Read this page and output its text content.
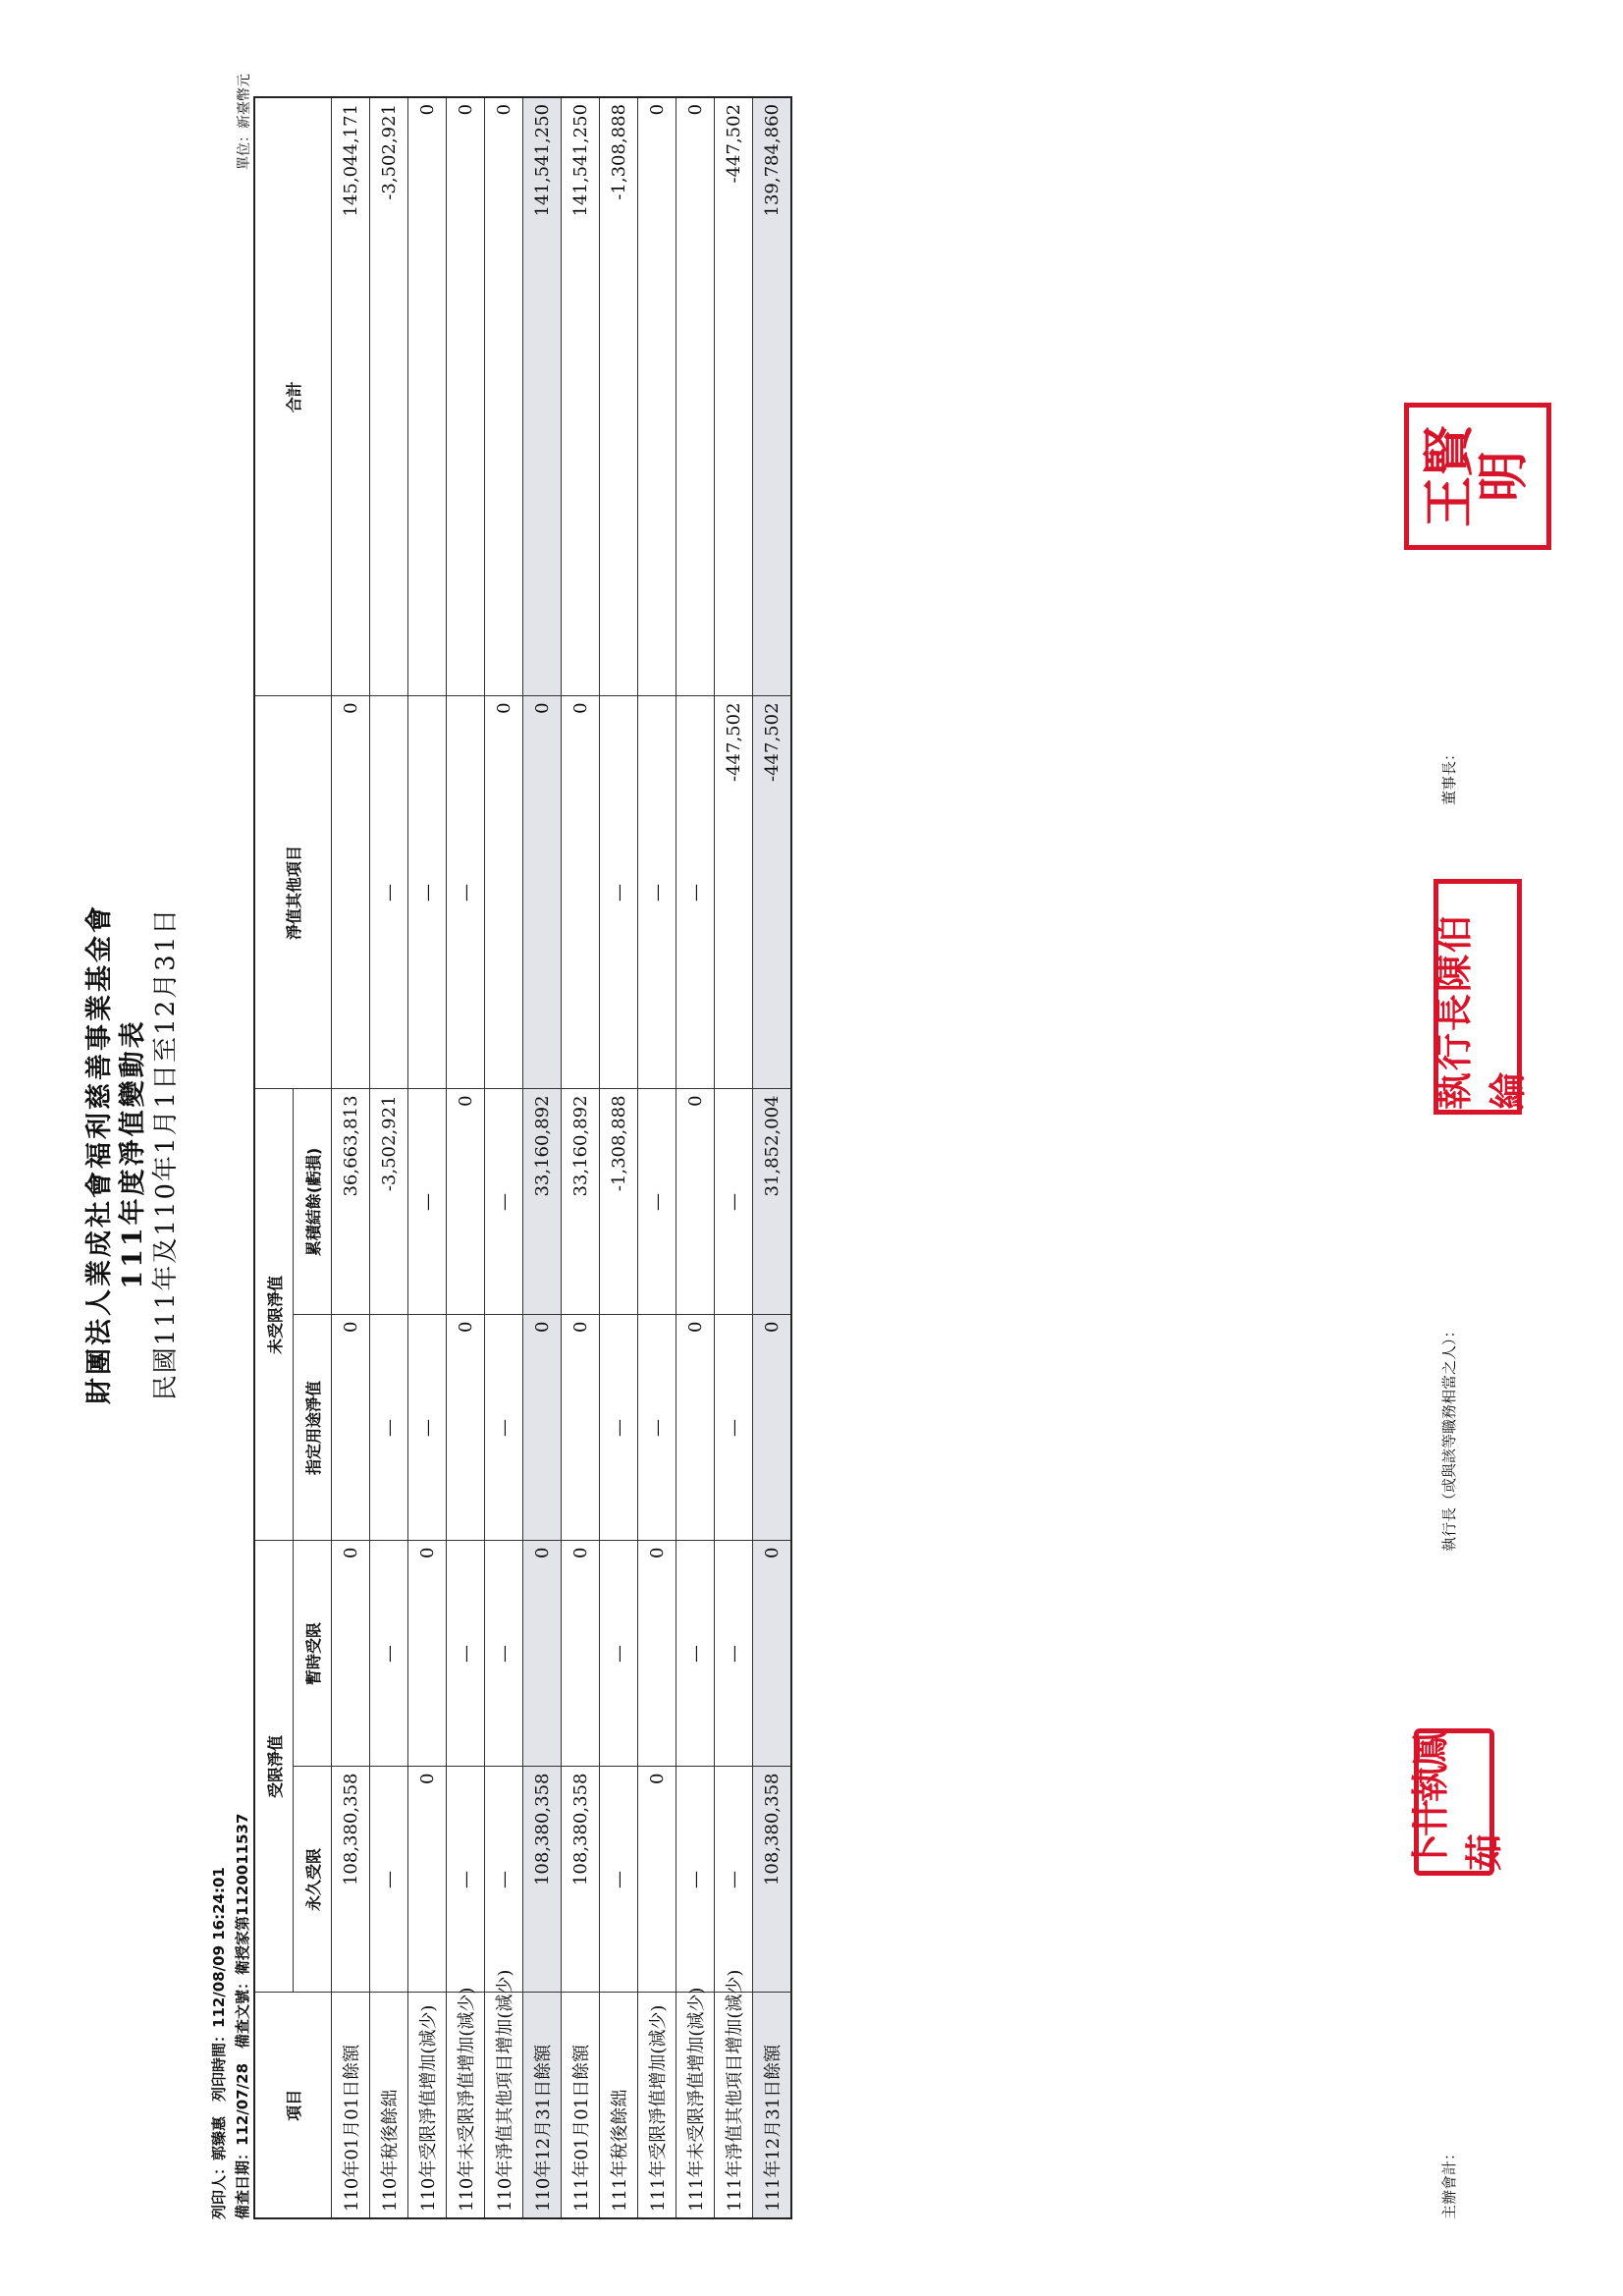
財團法人業成社會福利慈善事業基金會 111年度淨值變動表 民國111年及110年1月1日至12月31日
列印人：郭臻惠　列印時間：112/08/09 16:24:01 備查日期：112/07/28　備查文號：衛授家第1120011537
單位：新臺幣元
項目	受限淨值		未受限淨值		淨值其他項目	合計
	永久受限	暫時受限	指定用途淨值	累積結餘(虧損)		
110年01月01日餘額	108,380,358	0	0	36,663,813	0	145,044,171
110年稅後餘絀	—	—	—	-3,502,921	—	-3,502,921
110年受限淨值增加(減少)	0	0	—	—	—	0
110年未受限淨值增加(減少)	—	—	0	0	—	0
110年淨值其他項目增加(減少)	—	—	—	—	0	0
110年12月31日餘額	108,380,358	0	0	33,160,892	0	141,541,250
111年01月01日餘額	108,380,358	0	0	33,160,892	0	141,541,250
111年稅後餘絀	—	—	—	-1,308,888	—	-1,308,888
111年受限淨值增加(減少)	0	0	—	—	—	0
111年未受限淨值增加(減少)	—	—	0	0	—	0
111年淨值其他項目增加(減少)	—	—	—	—	-447,502	-447,502
111年12月31日餘額	108,380,358	0	0	31,852,004	-447,502	139,784,860
主辦會計：
卜卄執鳳茹
執行長（或與該等職務相當之人）：
執行長陳伯綸
董事長：
王賢明
